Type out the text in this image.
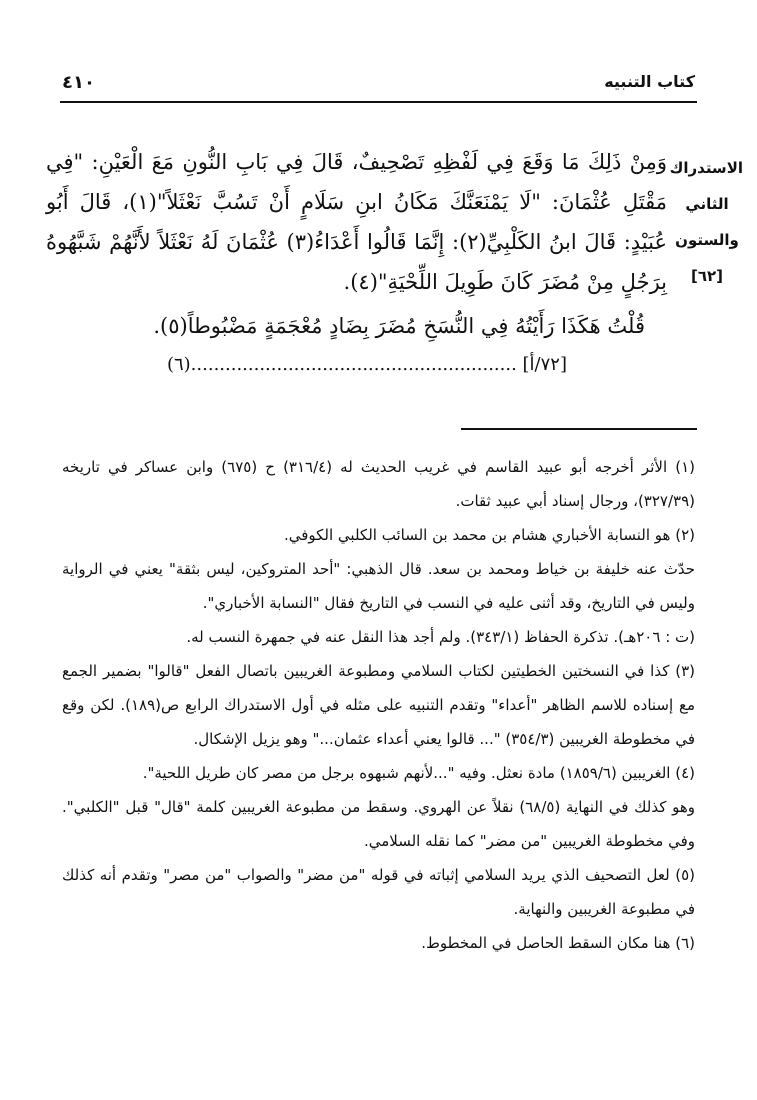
٤١٠	كتاب التنبيه
الاستدراك
الثاني
والستون
[٦٢]

وَمِنْ ذَلِكَ مَا وَقَعَ فِي لَفْظِهِ تَصْحِيفٌ، قَالَ فِي بَابِ النُّونِ مَعَ الْعَيْنِ: "فِي مَقْتَلِ عُثْمَانَ: "لَا يَمْنَعَنَّكَ مَكَانُ ابنِ سَلَامٍ أَنْ تَسُبَّ نَعْثَلاً"(١)، قَالَ أَبُو عُبَيْدٍ: قَالَ ابنُ الكَلْبِيِّ(٢): إِنَّمَا قَالُوا أَعْدَاءُ(٣) عُثْمَانَ لَهُ نَعْثَلاً لأَنَّهُمْ شَبَّهُوهُ بِرَجُلٍ مِنْ مُضَرَ كَانَ طَوِيلَ اللِّحْيَةِ"(٤).

قُلْتُ هَكَذَا رَأَيْتُهُ فِي النُّسَخِ مُضَرَ بِضَادٍ مُعْجَمَةٍ مَضْبُوطاً(٥).

[٧٢/أ] .........................................................(٦)

(١) الأثر أخرجه أبو عبيد القاسم في غريب الحديث له (٣١٦/٤) ح (٦٧٥) وابن عساكر في تاريخه (٣٢٧/٣٩)، ورجال إسناد أبي عبيد ثقات.

(٢) هو النسابة الأخباري هشام بن محمد بن السائب الكلبي الكوفي.

حدّث عنه خليفة بن خياط ومحمد بن سعد. قال الذهبي: "أحد المتروكين، ليس بثقة" يعني في الرواية وليس في التاريخ، وقد أثنى عليه في النسب في التاريخ فقال "النسابة الأخباري".

(ت : ٢٠٦هـ). تذكرة الحفاظ (٣٤٣/١). ولم أجد هذا النقل عنه في جمهرة النسب له.

(٣) كذا في النسختين الخطيتين لكتاب السلامي ومطبوعة الغريبين باتصال الفعل "قالوا" بضمير الجمع مع إسناده للاسم الظاهر "أعداء" وتقدم التنبيه على مثله في أول الاستدراك الرابع ص(١٨٩). لكن وقع في مخطوطة الغريبين (٣٥٤/٣) "... قالوا يعني أعداء عثمان..." وهو يزيل الإشكال.

(٤) الغريبين (١٨٥٩/٦) مادة نعثل. وفيه "...لأنهم شبهوه برجل من مصر كان طريل اللحية".

وهو كذلك في النهاية (٦٨/٥) نقلاً عن الهروي. وسقط من مطبوعة الغريبين كلمة "قال" قبل "الكلبي". وفي مخطوطة الغريبين "من مضر" كما نقله السلامي.

(٥) لعل التصحيف الذي يريد السلامي إثباته في قوله "من مضر" والصواب "من مصر" وتقدم أنه كذلك في مطبوعة الغريبين والنهاية.

(٦) هنا مكان السقط الحاصل في المخطوط.
